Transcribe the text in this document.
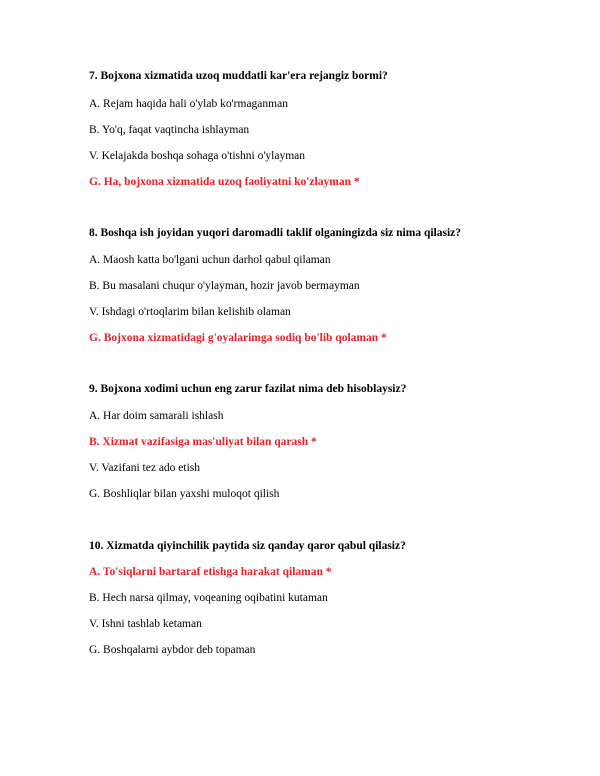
7. Bojxona xizmatida uzoq muddatli kar'era rejangiz bormi?
A. Rejam haqida hali o'ylab ko'rmaganman
B. Yo'q, faqat vaqtincha ishlayman
V. Kelajakda boshqa sohaga o'tishni o'ylayman
G. Ha, bojxona xizmatida uzoq faoliyatni ko'zlayman *
8. Boshqa ish joyidan yuqori daromadli taklif olganingizda siz nima qilasiz?
A. Maosh katta bo'lgani uchun darhol qabul qilaman
B. Bu masalani chuqur o'ylayman, hozir javob bermayman
V. Ishdagi o'rtoqlarim bilan kelishib olaman
G. Bojxona xizmatidagi g'oyalarimga sodiq bo'lib qolaman *
9. Bojxona xodimi uchun eng zarur fazilat nima deb hisoblaysiz?
A. Har doim samarali ishlash
B. Xizmat vazifasiga mas'uliyat bilan qarash *
V. Vazifani tez ado etish
G. Boshliqlar bilan yaxshi muloqot qilish
10. Xizmatda qiyinchilik paytida siz qanday qaror qabul qilasiz?
A. To'siqlarni bartaraf etishga harakat qilaman *
B. Hech narsa qilmay, voqeaning oqibatini kutaman
V. Ishni tashlab ketaman
G. Boshqalarni aybdor deb topaman
